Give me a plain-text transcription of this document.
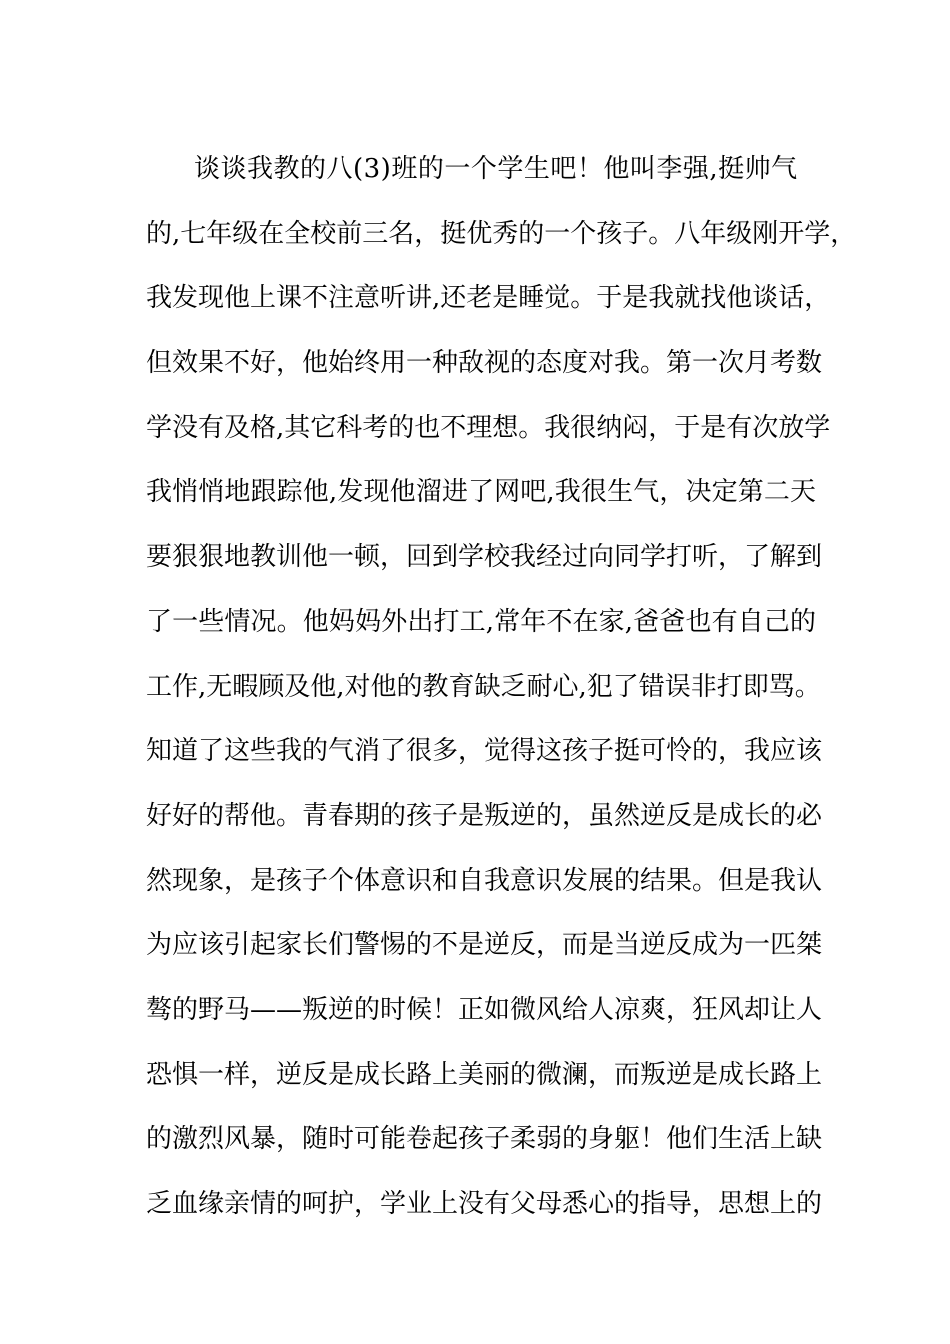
谈谈我教的八(3)班的一个学生吧！他叫李强,挺帅气
的,七年级在全校前三名，挺优秀的一个孩子。八年级刚开学，
我发现他上课不注意听讲,还老是睡觉。于是我就找他谈话，
但效果不好，他始终用一种敌视的态度对我。第一次月考数
学没有及格,其它科考的也不理想。我很纳闷，于是有次放学
我悄悄地跟踪他,发现他溜进了网吧,我很生气，决定第二天
要狠狠地教训他一顿，回到学校我经过向同学打听，了解到
了一些情况。他妈妈外出打工,常年不在家,爸爸也有自己的
工作,无暇顾及他,对他的教育缺乏耐心,犯了错误非打即骂。
知道了这些我的气消了很多，觉得这孩子挺可怜的，我应该
好好的帮他。青春期的孩子是叛逆的，虽然逆反是成长的必
然现象，是孩子个体意识和自我意识发展的结果。但是我认
为应该引起家长们警惕的不是逆反，而是当逆反成为一匹桀
骜的野马——叛逆的时候！正如微风给人凉爽，狂风却让人
恐惧一样，逆反是成长路上美丽的微澜，而叛逆是成长路上
的激烈风暴，随时可能卷起孩子柔弱的身躯！他们生活上缺
乏血缘亲情的呵护，学业上没有父母悉心的指导，思想上的
